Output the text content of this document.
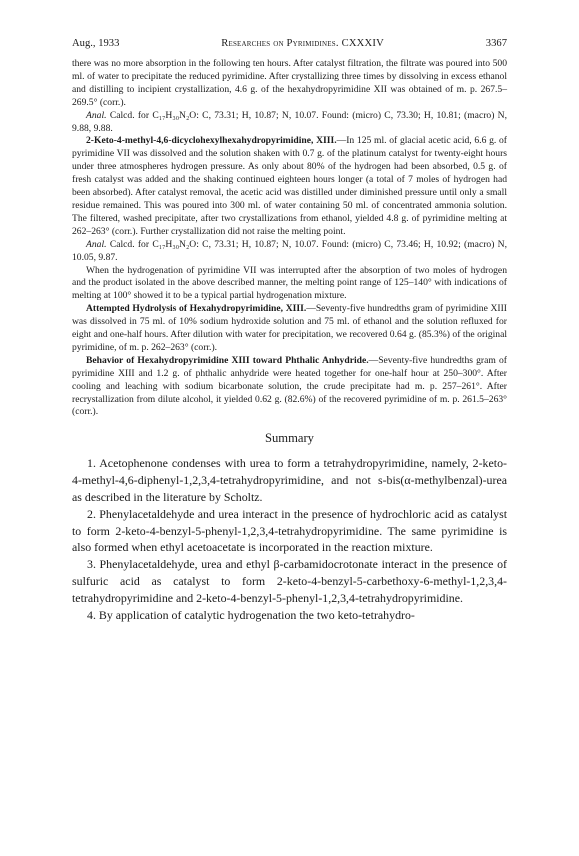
Aug., 1933	Researches on Pyrimidines. CXXXIV	3367

there was no more absorption in the following ten hours. After catalyst filtration, the filtrate was poured into 500 ml. of water to precipitate the reduced pyrimidine. After crystallizing three times by dissolving in excess ethanol and distilling to incipient crystallization, 4.6 g. of the hexahydropyrimidine XII was obtained of m. p. 267.5–269.5° (corr.).

Anal. Calcd. for C₁₇H₃₀N₂O: C, 73.31; H, 10.87; N, 10.07. Found: (micro) C, 73.30; H, 10.81; (macro) N, 9.88, 9.88.

2-Keto-4-methyl-4,6-dicyclohexylhexahydropyrimidine, XIII.—In 125 ml. of glacial acetic acid, 6.6 g. of pyrimidine VII was dissolved and the solution shaken with 0.7 g. of the platinum catalyst for twenty-eight hours under three atmospheres hydrogen pressure. As only about 80% of the hydrogen had been absorbed, 0.5 g. of fresh catalyst was added and the shaking continued eighteen hours longer (a total of 7 moles of hydrogen had been absorbed). After catalyst removal, the acetic acid was distilled under diminished pressure until only a small residue remained. This was poured into 300 ml. of water containing 50 ml. of concentrated ammonia solution. The filtered, washed precipitate, after two crystallizations from ethanol, yielded 4.8 g. of pyrimidine melting at 262–263° (corr.). Further crystallization did not raise the melting point.

Anal. Calcd. for C₁₇H₃₀N₂O: C, 73.31; H, 10.87; N, 10.07. Found: (micro) C, 73.46; H, 10.92; (macro) N, 10.05, 9.87.

When the hydrogenation of pyrimidine VII was interrupted after the absorption of two moles of hydrogen and the product isolated in the above described manner, the melting point range of 125–140° with indications of melting at 100° showed it to be a typical partial hydrogenation mixture.

Attempted Hydrolysis of Hexahydropyrimidine, XIII.—Seventy-five hundredths gram of pyrimidine XIII was dissolved in 75 ml. of 10% sodium hydroxide solution and 75 ml. of ethanol and the solution refluxed for eight and one-half hours. After dilution with water for precipitation, we recovered 0.64 g. (85.3%) of the original pyrimidine, of m. p. 262–263° (corr.).

Behavior of Hexahydropyrimidine XIII toward Phthalic Anhydride.—Seventy-five hundredths gram of pyrimidine XIII and 1.2 g. of phthalic anhydride were heated together for one-half hour at 250–300°. After cooling and leaching with sodium bicarbonate solution, the crude precipitate had m. p. 257–261°. After recrystallization from dilute alcohol, it yielded 0.62 g. (82.6%) of the recovered pyrimidine of m. p. 261.5–263° (corr.).

Summary

1. Acetophenone condenses with urea to form a tetrahydropyrimidine, namely, 2-keto-4-methyl-4,6-diphenyl-1,2,3,4-tetrahydropyrimidine, and not s-bis(α-methylbenzal)-urea as described in the literature by Scholtz.

2. Phenylacetaldehyde and urea interact in the presence of hydrochloric acid as catalyst to form 2-keto-4-benzyl-5-phenyl-1,2,3,4-tetrahydropyrimidine. The same pyrimidine is also formed when ethyl acetoacetate is incorporated in the reaction mixture.

3. Phenylacetaldehyde, urea and ethyl β-carbamidocrotonate interact in the presence of sulfuric acid as catalyst to form 2-keto-4-benzyl-5-carbethoxy-6-methyl-1,2,3,4-tetrahydropyrimidine and 2-keto-4-benzyl-5-phenyl-1,2,3,4-tetrahydropyrimidine.

4. By application of catalytic hydrogenation the two keto-tetrahydro-
